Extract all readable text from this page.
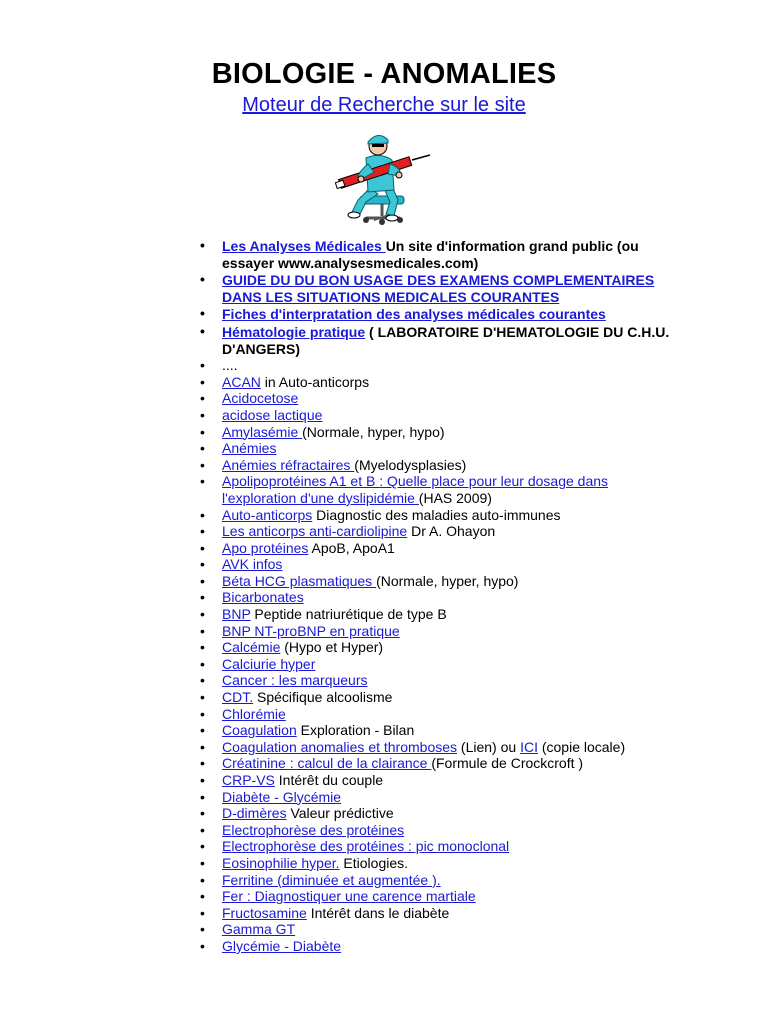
BIOLOGIE - ANOMALIES
Moteur de Recherche sur le site
• Les Analyses Médicales Un site d'information grand public (ou essayer www.analysesmedicales.com)
• GUIDE DU DU BON USAGE DES EXAMENS COMPLEMENTAIRES DANS LES SITUATIONS MEDICALES COURANTES
• Fiches d'interpratation des analyses médicales courantes
• Hématologie pratique ( LABORATOIRE D'HEMATOLOGIE DU C.H.U. D'ANGERS)
• ....
• ACAN in Auto-anticorps
• Acidocetose
• acidose lactique
• Amylasémie (Normale, hyper, hypo)
• Anémies
• Anémies réfractaires (Myelodysplasies)
• Apolipoprotéines A1 et B : Quelle place pour leur dosage dans l'exploration d'une dyslipidémie (HAS 2009)
• Auto-anticorps Diagnostic des maladies auto-immunes
• Les anticorps anti-cardiolipine Dr A. Ohayon
• Apo protéines ApoB, ApoA1
• AVK infos
• Béta HCG plasmatiques (Normale, hyper, hypo)
• Bicarbonates
• BNP Peptide natriurétique de type B
• BNP NT-proBNP en pratique
• Calcémie (Hypo et Hyper)
• Calciurie hyper
• Cancer : les marqueurs
• CDT. Spécifique alcoolisme
• Chlorémie
• Coagulation Exploration - Bilan
• Coagulation anomalies et thromboses (Lien) ou ICI (copie locale)
• Créatinine : calcul de la clairance (Formule de Crockcroft )
• CRP-VS Intérêt du couple
• Diabète - Glycémie
• D-dimères Valeur prédictive
• Electrophorèse des protéines
• Electrophorèse des protéines : pic monoclonal
• Eosinophilie hyper. Etiologies.
• Ferritine (diminuée et augmentée ).
• Fer : Diagnostiquer une carence martiale
• Fructosamine Intérêt dans le diabète
• Gamma GT
• Glycémie - Diabète
